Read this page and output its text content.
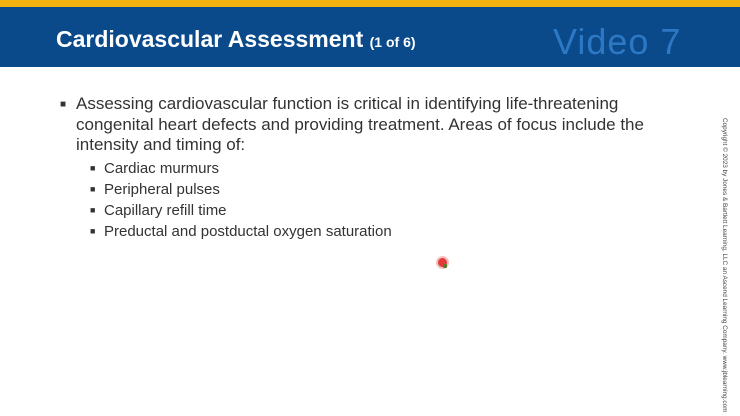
Cardiovascular Assessment (1 of 6)	Video 7
■ Assessing cardiovascular function is critical in identifying life-threatening congenital heart defects and providing treatment. Areas of focus include the intensity and timing of:
■ Cardiac murmurs
■ Peripheral pulses
■ Capillary refill time
■ Preductal and postductal oxygen saturation	Copyright © 2023 by Jones & Bartlett Learning, LLC an Ascend Learning Company. www.jblearning.com
